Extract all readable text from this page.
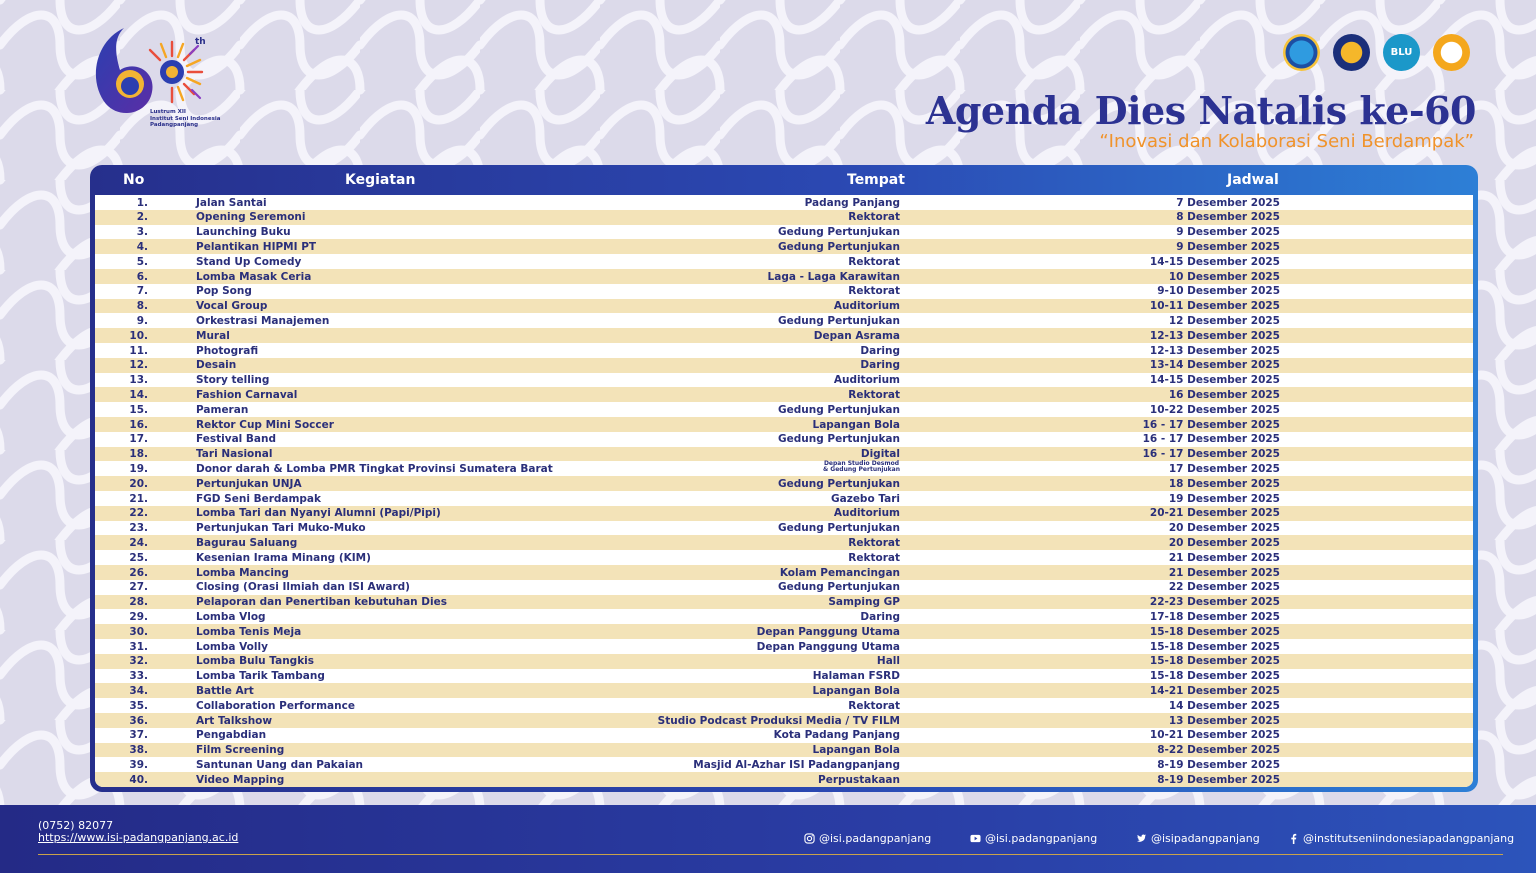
th
Lustrum XII
Institut Seni Indonesia
Padangpanjang
BLU
Agenda Dies Natalis ke-60
“Inovasi dan Kolaborasi Seni Berdampak”
No	Kegiatan	Tempat	Jadwal
1.	Jalan Santai	Padang Panjang	7 Desember 2025
2.	Opening Seremoni	Rektorat	8 Desember 2025
3.	Launching Buku	Gedung Pertunjukan	9 Desember 2025
4.	Pelantikan HIPMI PT	Gedung Pertunjukan	9 Desember 2025
5.	Stand Up Comedy	Rektorat	14-15 Desember 2025
6.	Lomba Masak Ceria	Laga - Laga Karawitan	10 Desember 2025
7.	Pop Song	Rektorat	9-10 Desember 2025
8.	Vocal Group	Auditorium	10-11 Desember 2025
9.	Orkestrasi Manajemen	Gedung Pertunjukan	12 Desember 2025
10.	Mural	Depan Asrama	12-13 Desember 2025
11.	Photografi	Daring	12-13 Desember 2025
12.	Desain	Daring	13-14 Desember 2025
13.	Story telling	Auditorium	14-15 Desember 2025
14.	Fashion Carnaval	Rektorat	16 Desember 2025
15.	Pameran	Gedung Pertunjukan	10-22 Desember 2025
16.	Rektor Cup Mini Soccer	Lapangan Bola	16 - 17 Desember 2025
17.	Festival Band	Gedung Pertunjukan	16 - 17 Desember 2025
18.	Tari Nasional	Digital	16 - 17 Desember 2025
19.	Donor darah & Lomba PMR Tingkat Provinsi Sumatera Barat	Depan Studio Desmod
& Gedung Pertunjukan	17 Desember 2025
20.	Pertunjukan UNJA	Gedung Pertunjukan	18 Desember 2025
21.	FGD Seni Berdampak	Gazebo Tari	19 Desember 2025
22.	Lomba Tari dan Nyanyi Alumni (Papi/Pipi)	Auditorium	20-21 Desember 2025
23.	Pertunjukan Tari Muko-Muko	Gedung Pertunjukan	20 Desember 2025
24.	Bagurau Saluang	Rektorat	20 Desember 2025
25.	Kesenian Irama Minang (KIM)	Rektorat	21 Desember 2025
26.	Lomba Mancing	Kolam Pemancingan	21 Desember 2025
27.	Closing (Orasi Ilmiah dan ISI Award)	Gedung Pertunjukan	22 Desember 2025
28.	Pelaporan dan Penertiban kebutuhan Dies	Samping GP	22-23 Desember 2025
29.	Lomba Vlog	Daring	17-18 Desember 2025
30.	Lomba Tenis Meja	Depan Panggung Utama	15-18 Desember 2025
31.	Lomba Volly	Depan Panggung Utama	15-18 Desember 2025
32.	Lomba Bulu Tangkis	Hall	15-18 Desember 2025
33.	Lomba Tarik Tambang	Halaman FSRD	15-18 Desember 2025
34.	Battle Art	Lapangan Bola	14-21 Desember 2025
35.	Collaboration Performance	Rektorat	14 Desember 2025
36.	Art Talkshow	Studio Podcast Produksi Media / TV FILM	13 Desember 2025
37.	Pengabdian	Kota Padang Panjang	10-21 Desember 2025
38.	Film Screening	Lapangan Bola	8-22 Desember 2025
39.	Santunan Uang dan Pakaian	Masjid Al-Azhar ISI Padangpanjang	8-19 Desember 2025
40.	Video Mapping	Perpustakaan	8-19 Desember 2025
(0752) 82077
https://www.isi-padangpanjang.ac.id	@isi.padangpanjang	@isi.padangpanjang	@isipadangpanjang	@institutseniindonesiapadangpanjang
